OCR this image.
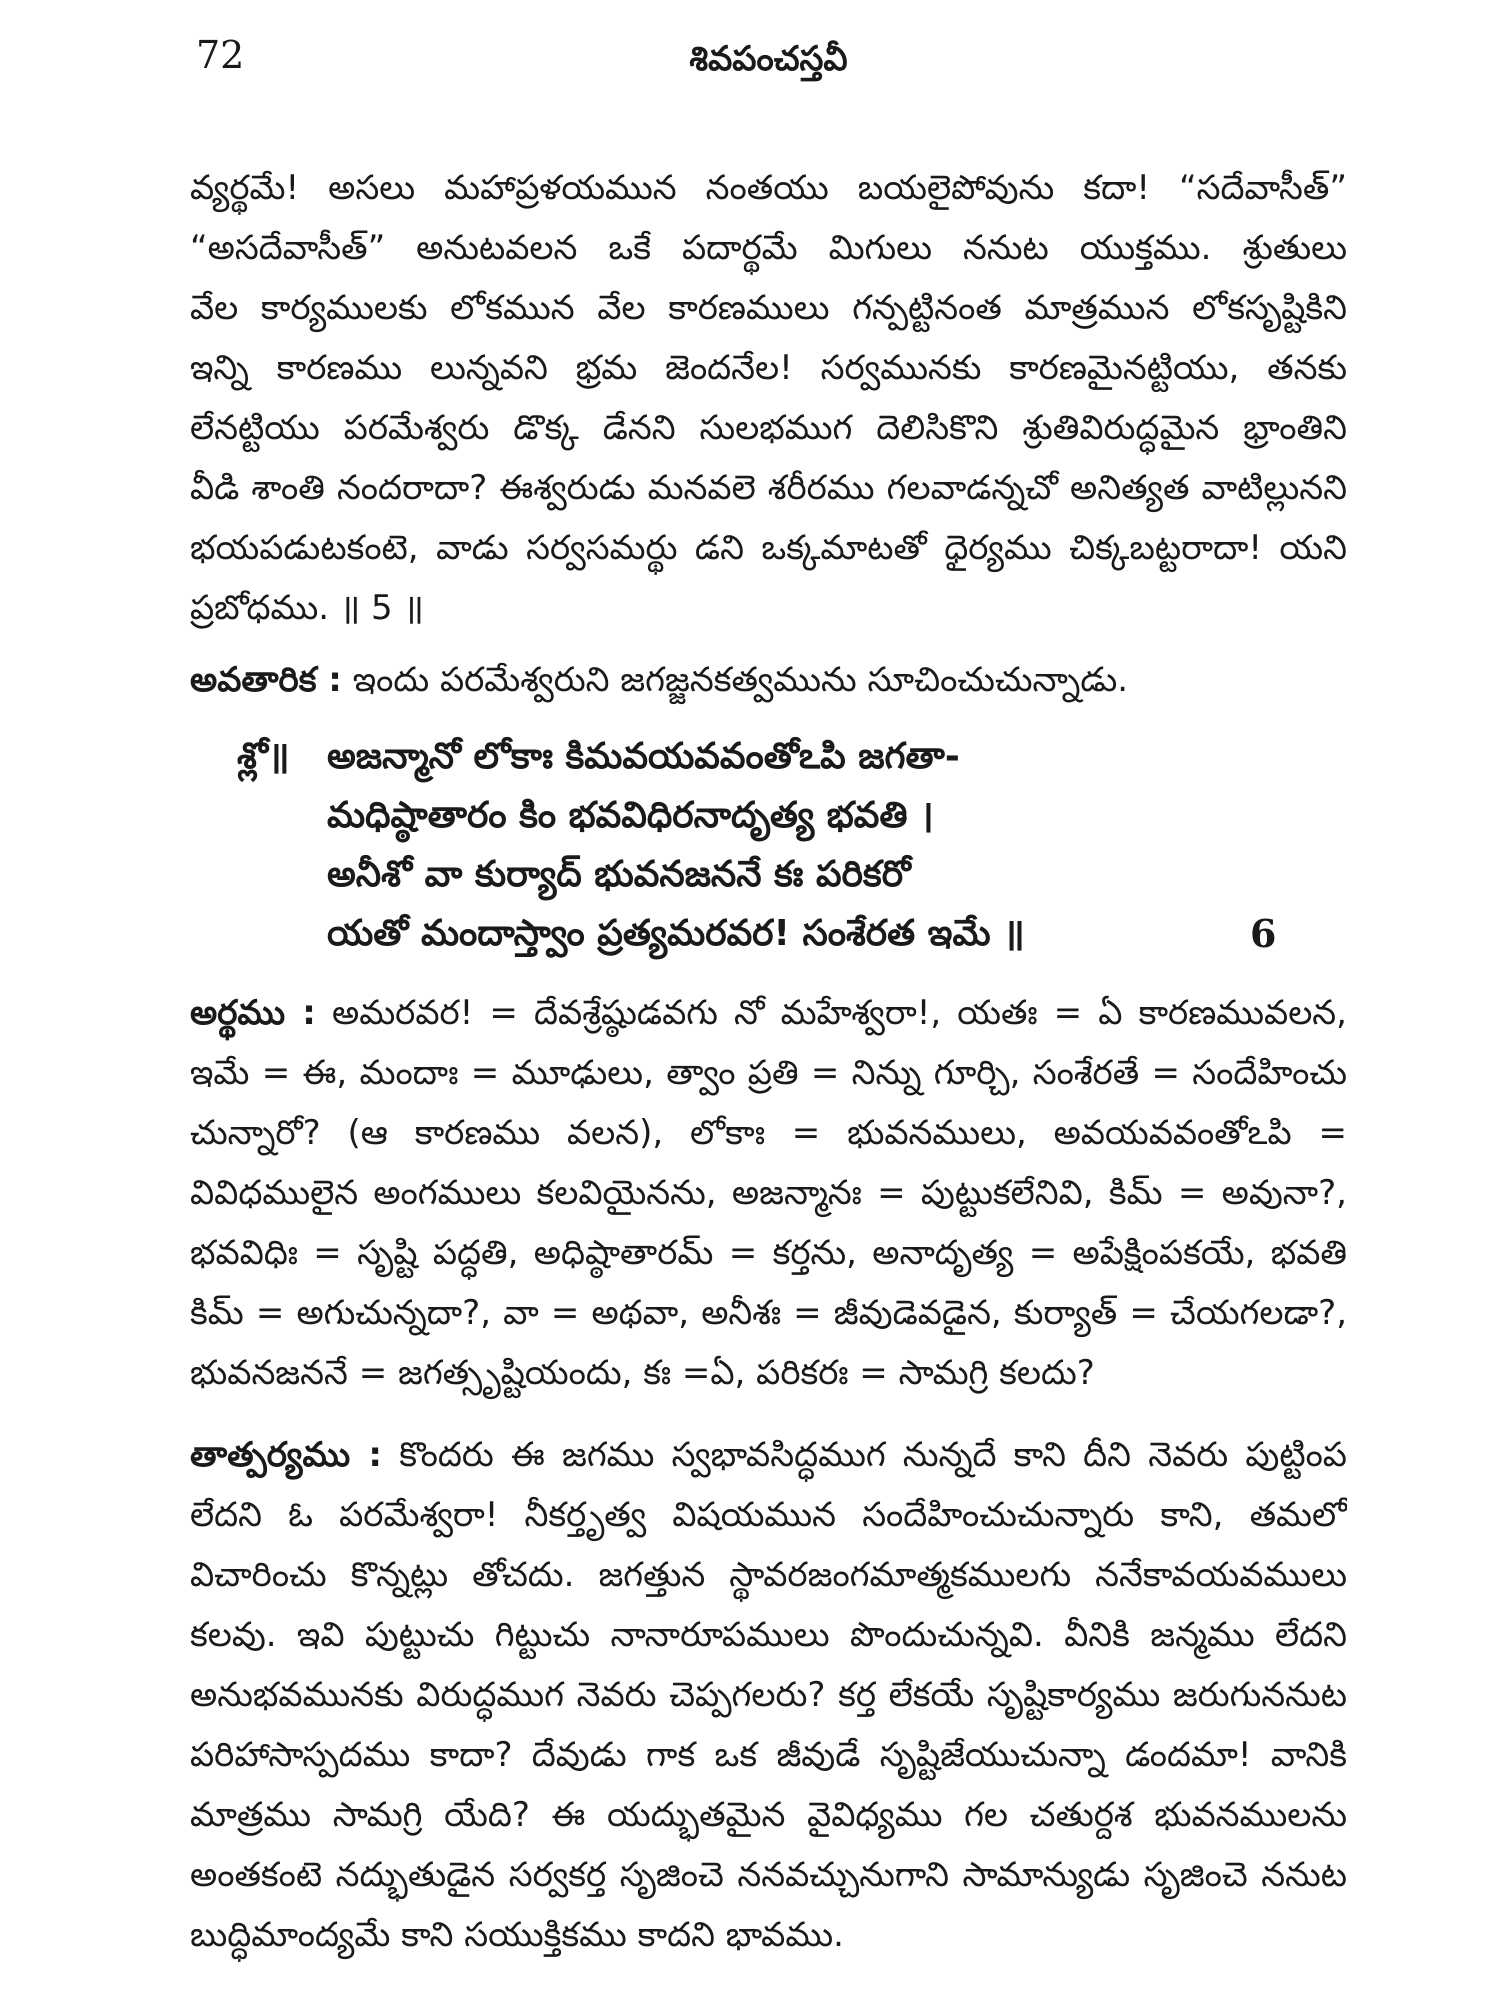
72	శివపంచస్తవీ
వ్యర్థమే! అసలు మహాప్రళయమున నంతయు బయలైపోవును కదా! “సదేవాసీత్”
“అసదేవాసీత్” అనుటవలన ఒకే పదార్థమే మిగులు ననుట యుక్తము. శ్రుతులు
వేల కార్యములకు లోకమున వేల కారణములు గన్పట్టినంత మాత్రమున లోకసృష్టికిని
ఇన్ని కారణము లున్నవని భ్రమ జెందనేల! సర్వమునకు కారణమైనట్టియు, తనకు
లేనట్టియు పరమేశ్వరు డొక్క డేనని సులభముగ దెలిసికొని శ్రుతివిరుద్ధమైన భ్రాంతిని
వీడి శాంతి నందరాదా? ఈశ్వరుడు మనవలె శరీరము గలవాడన్నచో అనిత్యత వాటిల్లునని
భయపడుటకంటె, వాడు సర్వసమర్థు డని ఒక్కమాటతో ధైర్యము చిక్కబట్టరాదా! యని
ప్రబోధము. ॥ 5 ॥
అవతారిక : ఇందు పరమేశ్వరుని జగజ్జనకత్వమును సూచించుచున్నాడు.
శ్లో॥ అజన్మానో లోకాః కిమవయవవంతోఽపి జగతా-
మధిష్ఠాతారం కిం భవవిధిరనాదృత్య భవతి ।
అనీశో వా కుర్యాద్ భువనజననే కః పరికరో
యతో మందాస్త్వాం ప్రత్యమరవర! సంశేరత ఇమే ॥	6
అర్థము : అమరవర! = దేవశ్రేష్ఠుడవగు నో మహేశ్వరా!, యతః = ఏ కారణమువలన,
ఇమే = ఈ, మందాః = మూఢులు, త్వాం ప్రతి = నిన్ను గూర్చి, సంశేరతే = సందేహించు
చున్నారో? (ఆ కారణము వలన), లోకాః = భువనములు, అవయవవంతోఽపి =
వివిధములైన అంగములు కలవియైనను, అజన్మానః = పుట్టుకలేనివి, కిమ్ = అవునా?,
భవవిధిః = సృష్టి పద్ధతి, అధిష్ఠాతారమ్ = కర్తను, అనాదృత్య = అపేక్షింపకయే, భవతి
కిమ్ = అగుచున్నదా?, వా = అథవా, అనీశః = జీవుడెవడైన, కుర్యాత్ = చేయగలడా?,
భువనజననే = జగత్సృష్టియందు, కః =ఏ, పరికరః = సామగ్రి కలదు?
తాత్పర్యము : కొందరు ఈ జగము స్వభావసిద్ధముగ నున్నదే కాని దీని నెవరు పుట్టింప
లేదని ఓ పరమేశ్వరా! నీకర్తృత్వ విషయమున సందేహించుచున్నారు కాని, తమలో
విచారించు కొన్నట్లు తోచదు. జగత్తున స్థావరజంగమాత్మకములగు ననేకావయవములు
కలవు. ఇవి పుట్టుచు గిట్టుచు నానారూపములు పొందుచున్నవి. వీనికి జన్మము లేదని
అనుభవమునకు విరుద్ధముగ నెవరు చెప్పగలరు? కర్త లేకయే సృష్టికార్యము జరుగుననుట
పరిహాసాస్పదము కాదా? దేవుడు గాక ఒక జీవుడే సృష్టిజేయుచున్నా డందమా! వానికి
మాత్రము సామగ్రి యేది? ఈ యద్భుతమైన వైవిధ్యము గల చతుర్దశ భువనములను
అంతకంటె నద్భుతుడైన సర్వకర్త సృజించె ననవచ్చునుగాని సామాన్యుడు సృజించె ననుట
బుద్ధిమాంద్యమే కాని సయుక్తికము కాదని భావము.
